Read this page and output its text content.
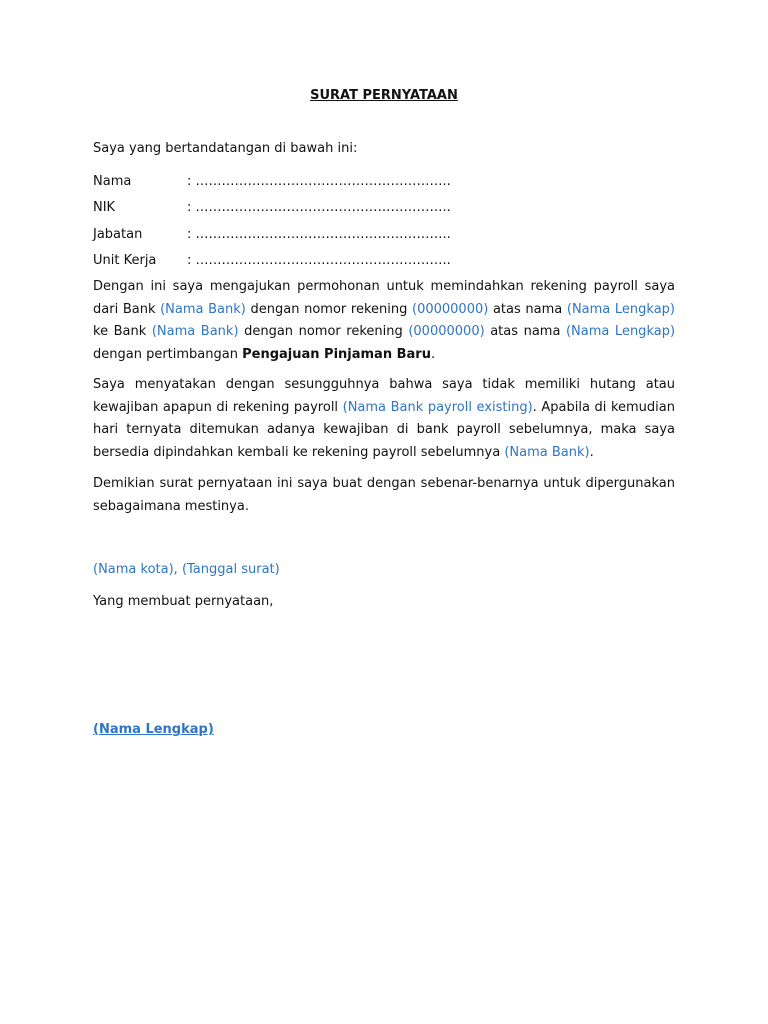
SURAT PERNYATAAN
Saya yang bertandatangan di bawah ini:
Nama	: …………………………………………………..
NIK	: …………………………………………………..
Jabatan	: …………………………………………………..
Unit Kerja : …………………………………………………..
Dengan ini saya mengajukan permohonan untuk memindahkan rekening payroll saya
dari Bank (Nama Bank) dengan nomor rekening (00000000) atas nama (Nama Lengkap)
ke Bank (Nama Bank) dengan nomor rekening (00000000) atas nama (Nama Lengkap)
dengan pertimbangan Pengajuan Pinjaman Baru.
Saya menyatakan dengan sesungguhnya bahwa saya tidak memiliki hutang atau
kewajiban apapun di rekening payroll (Nama Bank payroll existing). Apabila di kemudian
hari ternyata ditemukan adanya kewajiban di bank payroll sebelumnya, maka saya
bersedia dipindahkan kembali ke rekening payroll sebelumnya (Nama Bank).
Demikian surat pernyataan ini saya buat dengan sebenar-benarnya untuk dipergunakan
sebagaimana mestinya.
(Nama kota), (Tanggal surat)
Yang membuat pernyataan,
(Nama Lengkap)
